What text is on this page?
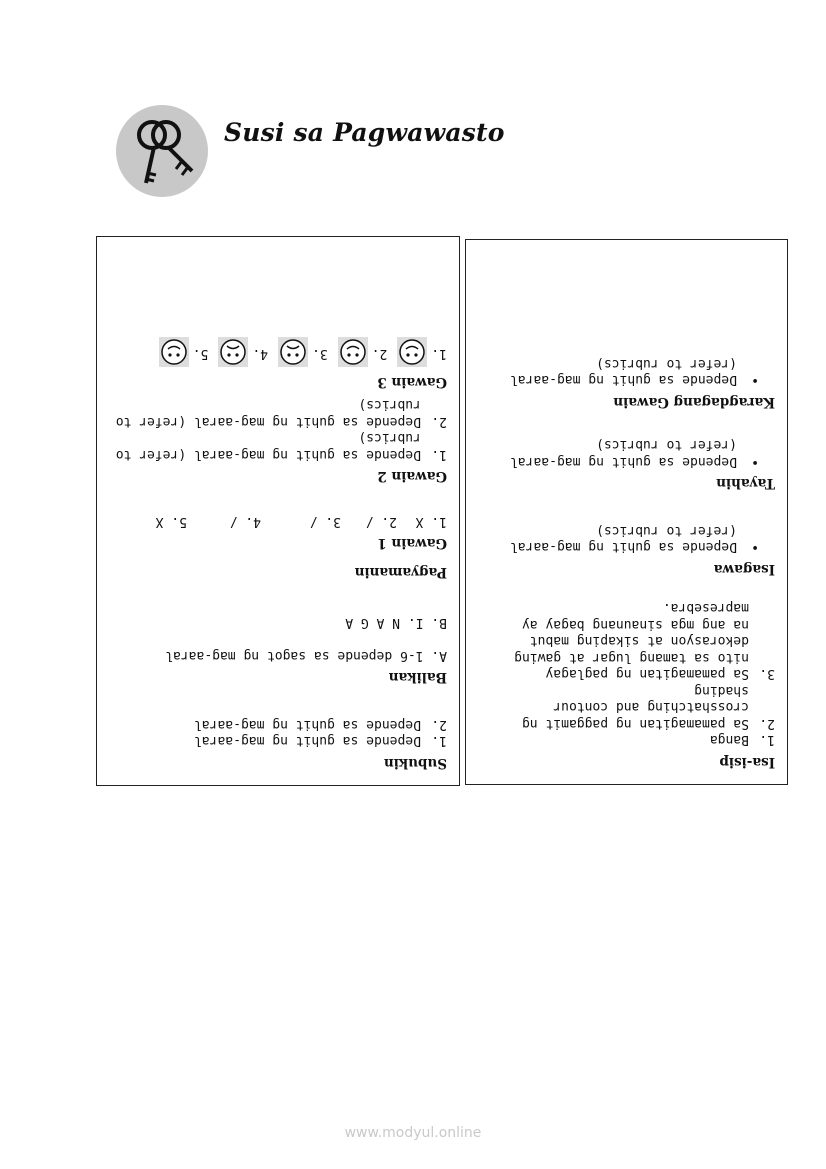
Susi sa Pagwawasto
Subukin
1.
Depende sa guhit ng mag-aaral
2.
Depende sa guhit ng mag-aaral
Balikan
A. 1-6 depende sa sagot ng mag-aaral
B. I. N A G A
Pagyamanin
Gawain 1
1. X
2. /
3. /
4. /
5. X
Gawain 2
1.
Depende sa guhit ng mag-aaral (refer to
rubrics)
2.
Depende sa guhit ng mag-aaral (refer to
rubrics)
Gawain 3
1.
2.
3.
4.
5.
Isa-isip
1.
Banga
2.
Sa pamamagitan ng paggamit ng
crosshatching and contour
shading
3.
Sa pamamagitan ng paglagay
nito sa tamang lugar at gawing
dekorasyon at sikaping mabut
na ang mga sinaunang bagay ay
mapresebra.
Isagawa
•
Depende sa guhit ng mag-aaral
(refer to rubrics)
Tayahin
•
Depende sa guhit ng mag-aaral
(refer to rubrics)
Karagdagang Gawain
•
Depende sa guhit ng mag-aaral
(refer to rubrics)
www.modyul.online
